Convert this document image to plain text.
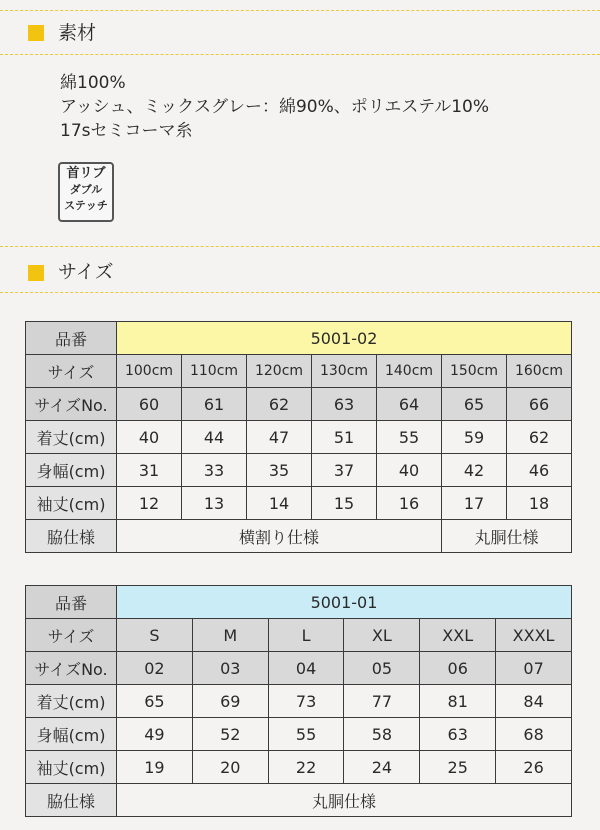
素材
綿100%
アッシュ、ミックスグレー：綿90%、ポリエステル10%
17sセミコーマ糸
首リブ
ダブル
ステッチ
サイズ
品番	5001-02						
サイズ	100cm	110cm	120cm	130cm	140cm	150cm	160cm
サイズNo.	60	61	62	63	64	65	66
着丈(cm)	40	44	47	51	55	59	62
身幅(cm)	31	33	35	37	40	42	46
袖丈(cm)	12	13	14	15	16	17	18
脇仕様	横割り仕様					丸胴仕様	
品番	5001-01					
サイズ	S	M	L	XL	XXL	XXXL
サイズNo.	02	03	04	05	06	07
着丈(cm)	65	69	73	77	81	84
身幅(cm)	49	52	55	58	63	68
袖丈(cm)	19	20	22	24	25	26
脇仕様	丸胴仕様					
